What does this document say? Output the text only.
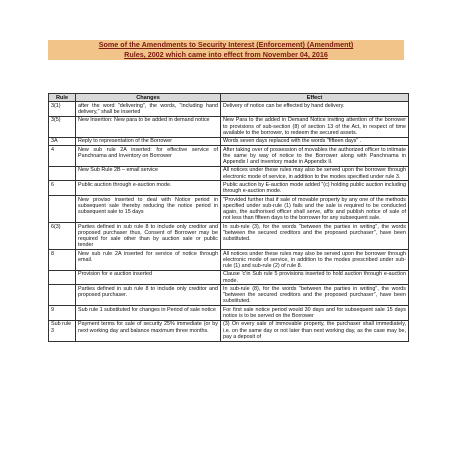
Some of the Amendments to Security Interest (Enforcement) (Amendment)
Rules, 2002 which came into effect from November 04, 2016
Rule	Changes	Effect
3(1)	after the word "delivering", the words, "including hand delivery," shall be inserted	Delivery of notice can be effected by hand delivery.
3(5)	New Insertion: New para to be added in demand notice	New Para to the added in Demand Notice inviting attention of the borrower to provisions of sub-section (8) of section 13 of the Act, in respect of time available to the borrower, to redeem the secured assets.
3A	Reply to representation of the Borrower	Words seven days replaced with the words "fifteen days" .
4	New sub rule 2A inserted: for effective service of Panchnama and Inventory on Borrower	After taking over of possession of movables the authorized officer to intimate the same by way of notice to the Borrower along with Panchnama in Appendix I and inventory made in Appendix II.
	New Sub Rule 2B – email service	All notices under these rules may also be served upon the borrower through electronic mode of service, in addition to the modes specified under rule 3.
6	Public auction through e-auction mode.	Public auction by E-auction mode added "(c) holding public auction including through e-auction mode.
	New proviso inserted to deal with Notice period in subsequent sale thereby reducing the notice period in subsequent sale to 15 days	"Provided further that if sale of movable property by any one of the methods specified under sub-rule (1) fails and the sale is required to be conducted again, the authorised officer shall serve, affix and publish notice of sale of not less than fifteen days to the borrower for any subsequent sale.
6(3)	Parties defined in sub rule 8 to include only creditor and proposed purchaser thus, Consent of Borrower may be required for sale other than by auction sale or public tender	In sub-rule (3), for the words "between the parties in writing", the words "between the secured creditors and the proposed purchaser", have been substituted.
8	New sub rule 2A inserted for service of notice through email.	All notices under these rules may also be served upon the borrower through electronic mode of service, in addition to the modes prescribed under sub-rule (1) and sub-rule (2) of rule 8.
	Provision for e auction inserted	Clause 'c'in Sub rule 5 provisions inserted to hold auction through e-auction mode.
	Parties defined in sub rule 8 to include only creditor and proposed purchaser.	In sub-rule (8), for the words "between the parties in writing", the words "between the secured creditors and the proposed purchaser", have been substituted.
9	Sub rule 1 substituted for changes in Period of sale notice	For first sale notice period would 30 days and for subsequent sale 15 days notice is to be served on the Borrower
Sub rule 3	Payment terms for sale of security 25% immediate (or by next working day and balance maximum three months.	(3) On every sale of immovable property, the purchaser shall immediately, i.e. on the same day or not later than next working day, as the case may be, pay a deposit of
